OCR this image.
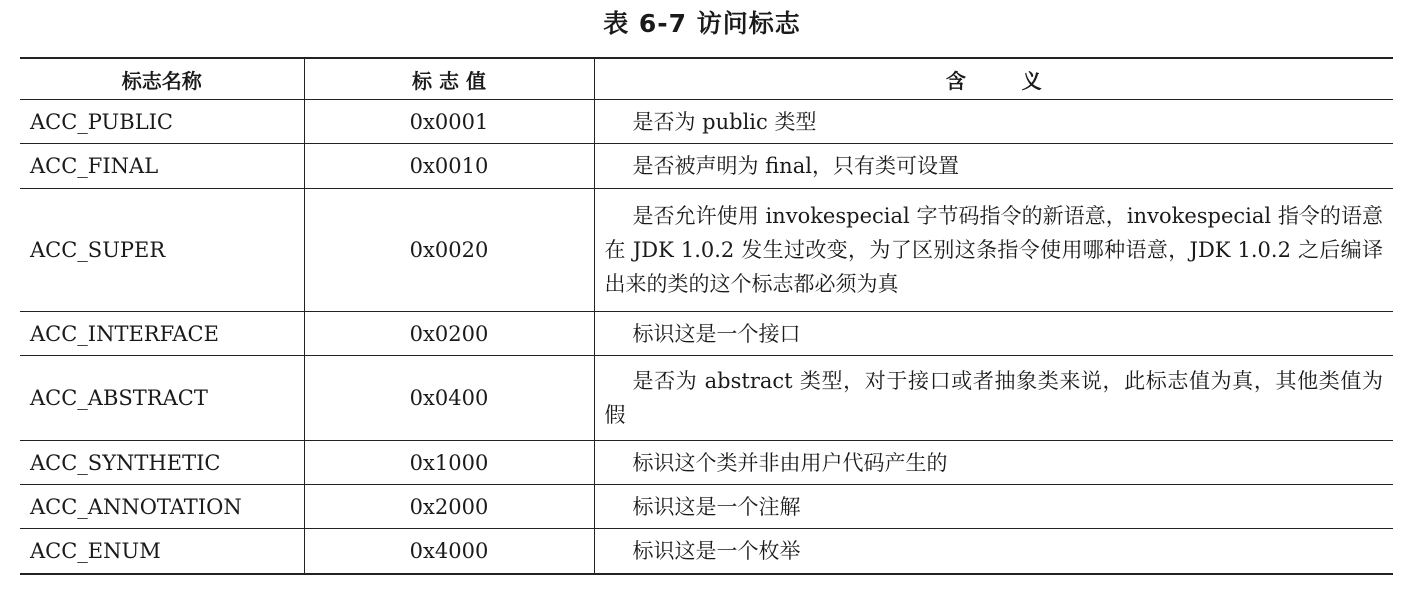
表 6-7 访问标志
标志名称	标 志 值	含        义
ACC_PUBLIC	0x0001	是否为 public 类型

ACC_FINAL	0x0010	是否被声明为 final，只有类可设置

ACC_SUPER	0x0020	是否允许使用 invokespecial 字节码指令的新语意，invokespecial 指令的语意在 JDK 1.0.2 发生过改变，为了区别这条指令使用哪种语意，JDK 1.0.2 之后编译出来的类的这个标志都必须为真

ACC_INTERFACE	0x0200	标识这是一个接口

ACC_ABSTRACT	0x0400	是否为 abstract 类型，对于接口或者抽象类来说，此标志值为真，其他类值为假

ACC_SYNTHETIC	0x1000	标识这个类并非由用户代码产生的

ACC_ANNOTATION	0x2000	标识这是一个注解

ACC_ENUM	0x4000	标识这是一个枚举
